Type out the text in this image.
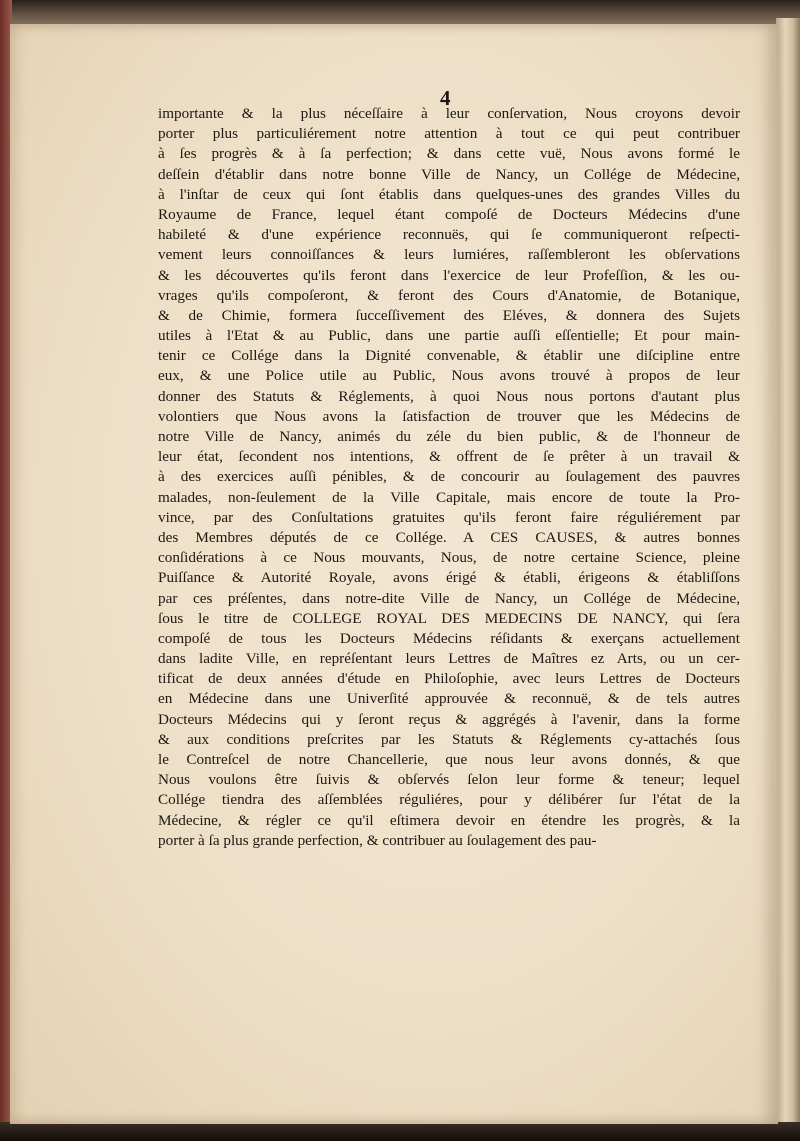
4
importante & la plus néceſſaire à leur conſervation, Nous croyons devoir
porter plus particuliérement notre attention à tout ce qui peut contribuer
à ſes progrès & à ſa perfection; & dans cette vuë, Nous avons formé le
deſſein d'établir dans notre bonne Ville de Nancy, un Collége de Médecine,
à l'inſtar de ceux qui ſont établis dans quelques-unes des grandes Villes du
Royaume de France, lequel étant compoſé de Docteurs Médecins d'une
habileté & d'une expérience reconnuës, qui ſe communiqueront reſpecti-
vement leurs connoiſſances & leurs lumiéres, raſſembleront les obſervations
& les découvertes qu'ils feront dans l'exercice de leur Profeſſion, & les ou-
vrages qu'ils compoſeront, & feront des Cours d'Anatomie, de Botanique,
& de Chimie, formera ſucceſſivement des Eléves, & donnera des Sujets
utiles à l'Etat & au Public, dans une partie auſſi eſſentielle; Et pour main-
tenir ce Collége dans la Dignité convenable, & établir une diſcipline entre
eux, & une Police utile au Public, Nous avons trouvé à propos de leur
donner des Statuts & Réglements, à quoi Nous nous portons d'autant plus
volontiers que Nous avons la ſatisfaction de trouver que les Médecins de
notre Ville de Nancy, animés du zéle du bien public, & de l'honneur de
leur état, ſecondent nos intentions, & offrent de ſe prêter à un travail &
à des exercices auſſi pénibles, & de concourir au ſoulagement des pauvres
malades, non-ſeulement de la Ville Capitale, mais encore de toute la Pro-
vince, par des Conſultations gratuites qu'ils feront faire réguliérement par
des Membres députés de ce Collége. A CES CAUSES, & autres bonnes
conſidérations à ce Nous mouvants, Nous, de notre certaine Science, pleine
Puiſſance & Autorité Royale, avons érigé & établi, érigeons & établiſſons
par ces préſentes, dans notre-dite Ville de Nancy, un Collége de Médecine,
ſous le titre de COLLEGE ROYAL DES MEDECINS DE NANCY, qui ſera
compoſé de tous les Docteurs Médecins réſidants & exerçans actuellement
dans ladite Ville, en repréſentant leurs Lettres de Maîtres ez Arts, ou un cer-
tificat de deux années d'étude en Philoſophie, avec leurs Lettres de Docteurs
en Médecine dans une Univerſité approuvée & reconnuë, & de tels autres
Docteurs Médecins qui y ſeront reçus & aggrégés à l'avenir, dans la forme
& aux conditions preſcrites par les Statuts & Réglements cy-attachés ſous
le Contreſcel de notre Chancellerie, que nous leur avons donnés, & que
Nous voulons être ſuivis & obſervés ſelon leur forme & teneur; lequel
Collége tiendra des aſſemblées réguliéres, pour y délibérer ſur l'état de la
Médecine, & régler ce qu'il eſtimera devoir en étendre les progrès, & la
porter à ſa plus grande perfection, & contribuer au ſoulagement des pau-
